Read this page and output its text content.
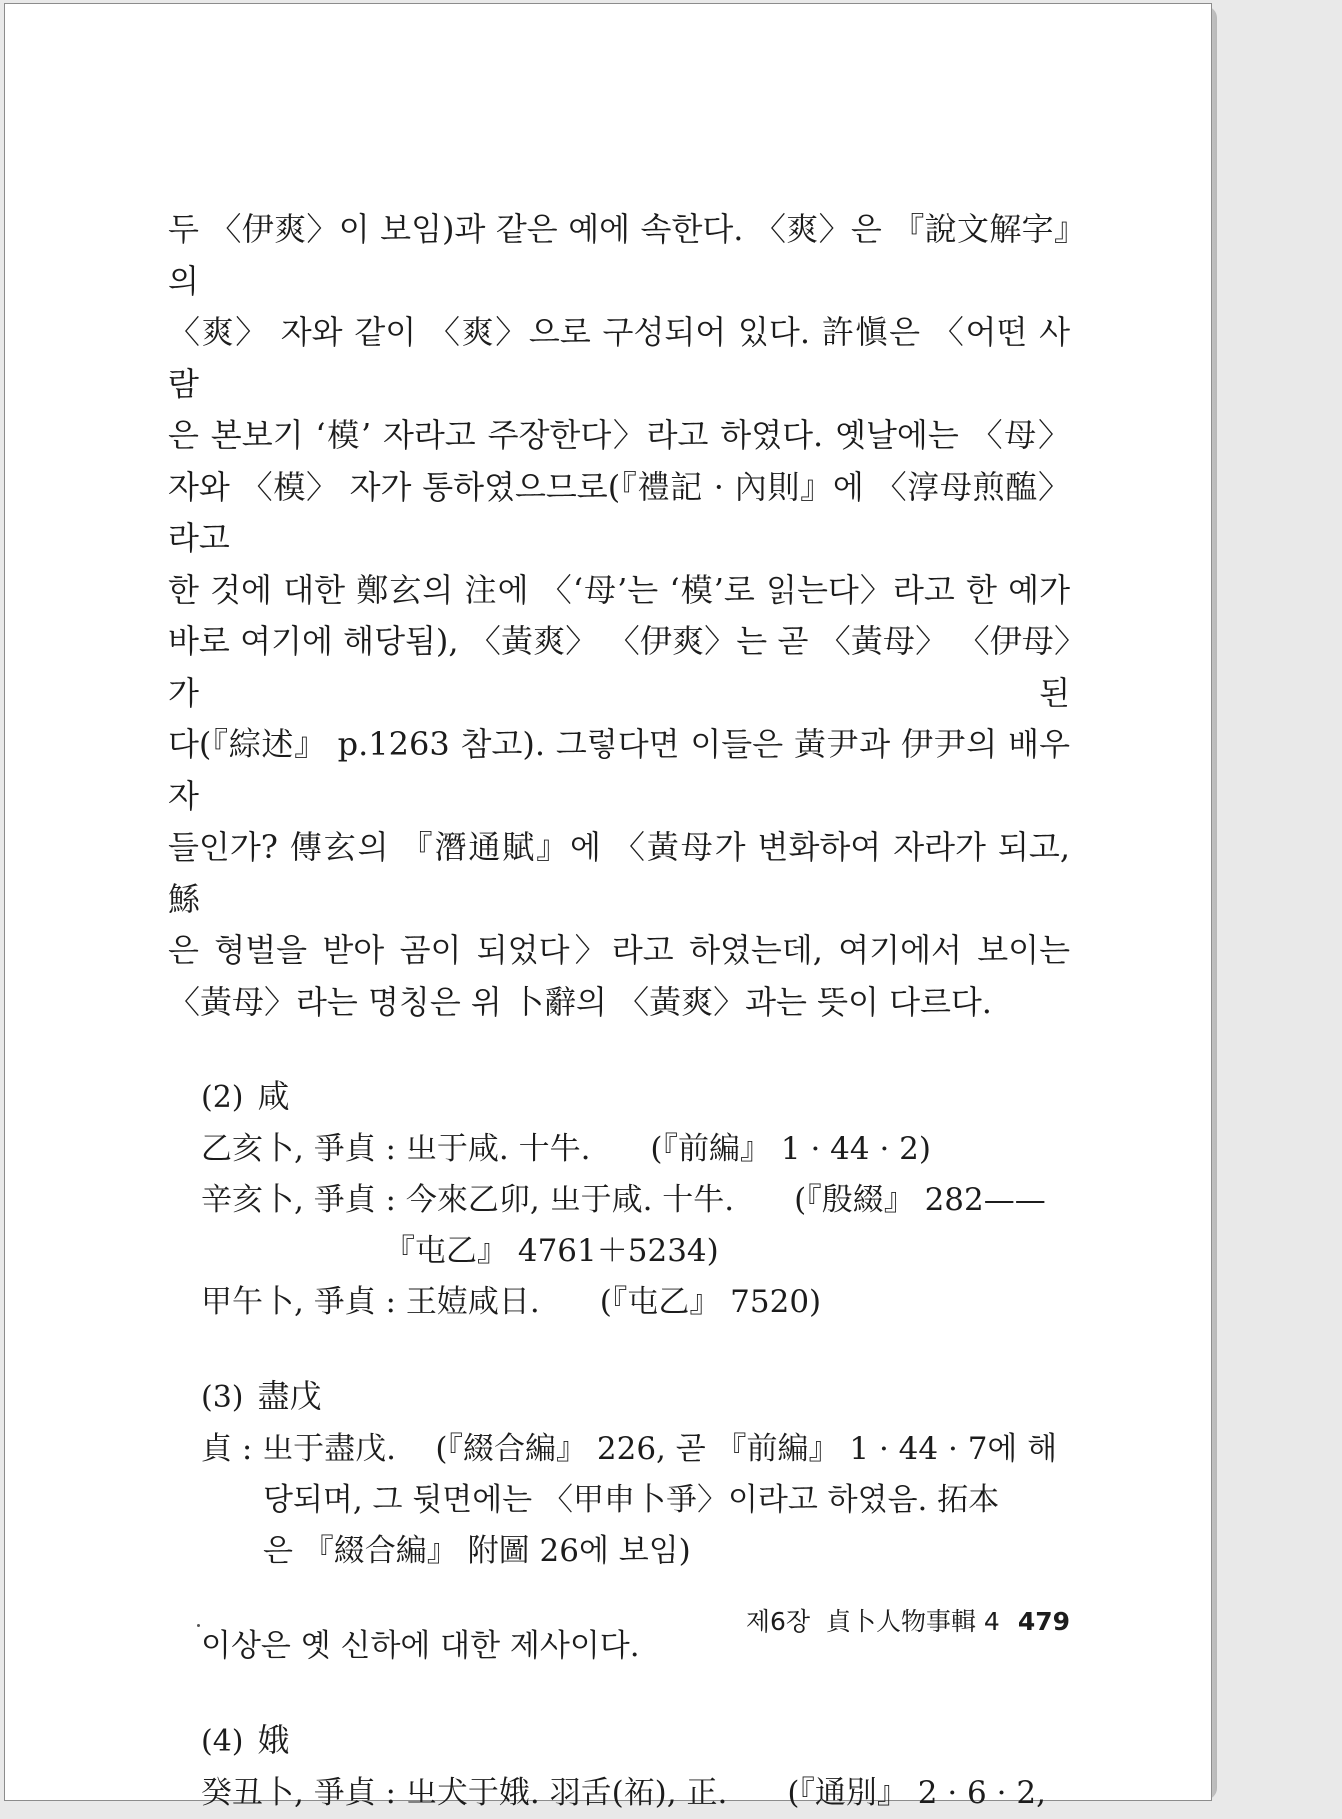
두 〈伊爽〉이 보임)과 같은 예에 속한다. 〈爽〉은 『說文解字』의
〈爽〉 자와 같이 〈爽〉으로 구성되어 있다. 許愼은 〈어떤 사람
은 본보기 ‘模’ 자라고 주장한다〉라고 하였다. 옛날에는 〈母〉
자와 〈模〉 자가 통하였으므로(『禮記 · 內則』에 〈淳母煎醢〉라고
한 것에 대한 鄭玄의 注에 〈‘母’는 ‘模’로 읽는다〉라고 한 예가
바로 여기에 해당됨), 〈黃爽〉 〈伊爽〉는 곧 〈黃母〉 〈伊母〉가 된
다(『綜述』 p.1263 참고). 그렇다면 이들은 黃尹과 伊尹의 배우자
들인가? 傳玄의 『潛通賦』에 〈黃母가 변화하여 자라가 되고, 鯀
은 형벌을 받아 곰이 되었다〉라고 하였는데, 여기에서 보이는
〈黃母〉라는 명칭은 위 卜辭의 〈黃爽〉과는 뜻이 다르다.

(2) 咸
乙亥卜, 爭貞 : 㞢于咸. 十牛. (『前編』 1 · 44 · 2)
辛亥卜, 爭貞 : 今來乙卯, 㞢于咸. 十牛. (『殷綴』 282——
『屯乙』 4761＋5234)
甲午卜, 爭貞 : 王㛸咸日. (『屯乙』 7520)
(3) 盡戊
貞 : 㞢于盡戊.    (『綴合編』 226, 곧 『前編』 1 · 44 · 7에 해
당되며, 그 뒷면에는 〈甲申卜爭〉이라고 하였음. 拓本
은 『綴合編』 附圖 26에 보임)
이상은 옛 신하에 대한 제사이다.
(4) 娥
癸丑卜, 爭貞 : 㞢犬于娥. 羽舌(祏), 正. (『通別』 2 · 6 · 2,
제6장  貞卜人物事輯 4 479
